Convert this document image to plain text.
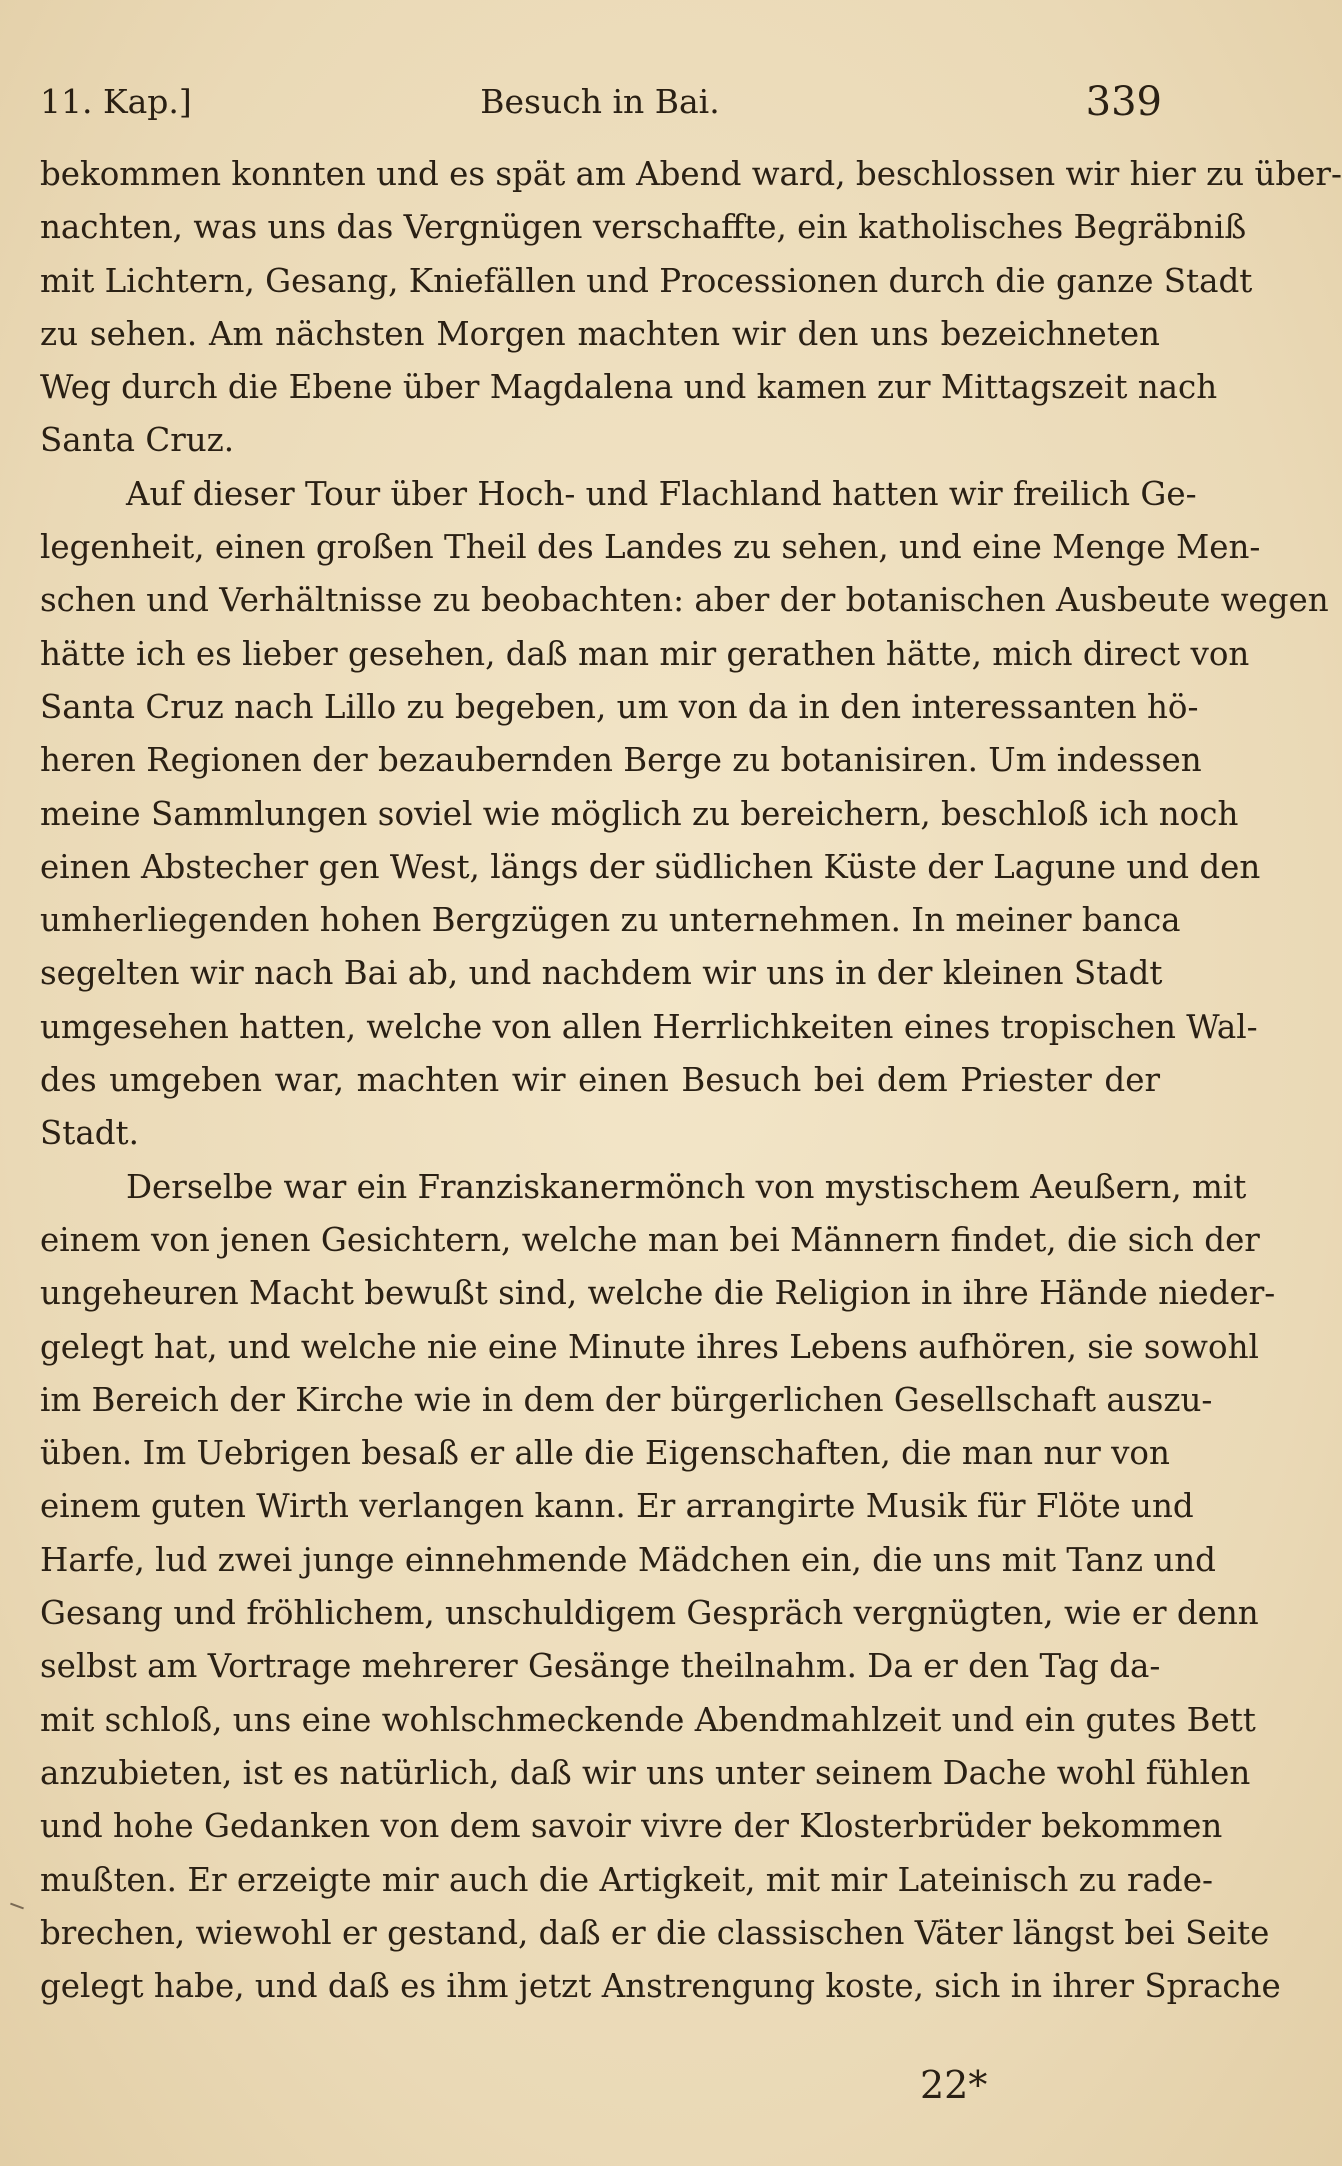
11. Kap.]	Besuch in Bai.	339
bekommen konnten und es spät am Abend ward, beschlossen wir hier zu über-
nachten, was uns das Vergnügen verschaffte, ein katholisches Begräbniß
mit Lichtern, Gesang, Kniefällen und Processionen durch die ganze Stadt
zu sehen. Am nächsten Morgen machten wir den uns bezeichneten
Weg durch die Ebene über Magdalena und kamen zur Mittagszeit nach
Santa Cruz.
Auf dieser Tour über Hoch- und Flachland hatten wir freilich Ge-
legenheit, einen großen Theil des Landes zu sehen, und eine Menge Men-
schen und Verhältnisse zu beobachten: aber der botanischen Ausbeute wegen
hätte ich es lieber gesehen, daß man mir gerathen hätte, mich direct von
Santa Cruz nach Lillo zu begeben, um von da in den interessanten hö-
heren Regionen der bezaubernden Berge zu botanisiren. Um indessen
meine Sammlungen soviel wie möglich zu bereichern, beschloß ich noch
einen Abstecher gen West, längs der südlichen Küste der Lagune und den
umherliegenden hohen Bergzügen zu unternehmen. In meiner banca
segelten wir nach Bai ab, und nachdem wir uns in der kleinen Stadt
umgesehen hatten, welche von allen Herrlichkeiten eines tropischen Wal-
des umgeben war, machten wir einen Besuch bei dem Priester der
Stadt.
Derselbe war ein Franziskanermönch von mystischem Aeußern, mit
einem von jenen Gesichtern, welche man bei Männern findet, die sich der
ungeheuren Macht bewußt sind, welche die Religion in ihre Hände nieder-
gelegt hat, und welche nie eine Minute ihres Lebens aufhören, sie sowohl
im Bereich der Kirche wie in dem der bürgerlichen Gesellschaft auszu-
üben. Im Uebrigen besaß er alle die Eigenschaften, die man nur von
einem guten Wirth verlangen kann. Er arrangirte Musik für Flöte und
Harfe, lud zwei junge einnehmende Mädchen ein, die uns mit Tanz und
Gesang und fröhlichem, unschuldigem Gespräch vergnügten, wie er denn
selbst am Vortrage mehrerer Gesänge theilnahm. Da er den Tag da-
mit schloß, uns eine wohlschmeckende Abendmahlzeit und ein gutes Bett
anzubieten, ist es natürlich, daß wir uns unter seinem Dache wohl fühlen
und hohe Gedanken von dem savoir vivre der Klosterbrüder bekommen
mußten. Er erzeigte mir auch die Artigkeit, mit mir Lateinisch zu rade-
brechen, wiewohl er gestand, daß er die classischen Väter längst bei Seite
gelegt habe, und daß es ihm jetzt Anstrengung koste, sich in ihrer Sprache
22*
